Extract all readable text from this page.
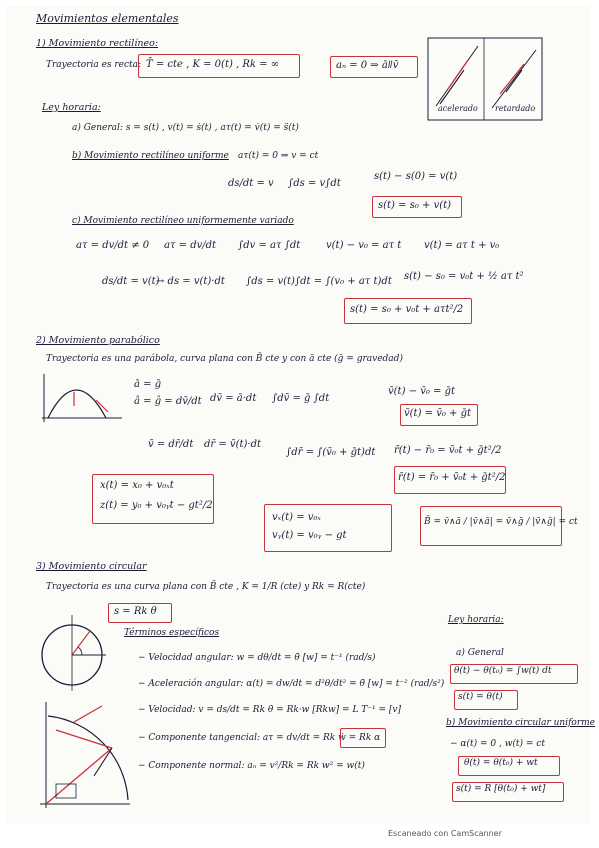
Movimientos elementales
1) Movimiento rectilíneo:
Trayectoria es recta: T̄ = cte , K = 0(t) , Rk = ∞	aₙ = 0 ⇒ āǁv̄
acelerado retardado
Ley horaria:
a) General: s = s(t) , v(t) = ṡ(t) , aτ(t) = v̇(t) = s̈(t)
b) Movimiento rectilíneo uniforme aτ(t) = 0 ⇒ v = ct
ds/dt = v ∫ds = v∫dt
s(t) − s(0) = v(t)
s(t) = s₀ + v(t)
c) Movimiento rectilíneo uniformemente variado
aτ = dv/dt ≠ 0 aτ = dv/dt ∫dv = aτ ∫dt	v(t) − v₀ = aτ t v(t) = aτ t + v₀
ds/dt = v(t)
→ ds = v(t)·dt ∫ds = v(t)∫dt = ∫(v₀ + aτ t)dt s(t) − s₀ = v₀t + ½ aτ t²
s(t) = s₀ + v₀t + aτt²/2
2) Movimiento parabólico
Trayectoria es una parábola, curva plana con B̄ cte y con ā cte (ḡ = gravedad)
ā = ḡ
â = ĝ = dv̄/dt dv̄ = ā·dt ∫dv̄ = ḡ ∫dt
v̄(t) − v̄₀ = ḡt
v̄(t) = v̄₀ + ḡt
v̄ = dr̄/dt dr̄ = v̄(t)·dt
∫dr̄ = ∫(v̄₀ + ḡt)dt r̄(t) − r̄₀ = v̄₀t + ḡt²/2
r̄(t) = r̄₀ + v̄₀t + ḡt²/2
x(t) = x₀ + v₀ₓt
z(t) = y₀ + v₀ᵧt − gt²/2
vₓ(t) = v₀ₓ
vᵧ(t) = v₀ᵧ − gt
B̄ = v̄∧ā / |v̄∧ā| = v̄∧ḡ / |v̄∧ḡ| = ct
3) Movimiento circular
Trayectoria es una curva plana con B̄ cte , K = 1/R (cte) y Rk = R(cte)
s = Rk θ
Términos específicos
− Velocidad angular: w = dθ/dt = θ̇ [w] = t⁻¹ (rad/s)
− Aceleración angular: α(t) = dw/dt = d²θ/dt² = θ̈ [w] = t⁻² (rad/s²)
− Velocidad: v = ds/dt = Rk θ̇ = Rk·w [Rkw] = L T⁻¹ = [v]
− Componente tangencial: aτ = dv/dt = Rk ẇ = Rk α
− Componente normal: aₙ = v²/Rk = Rk w² = w(t)
Ley horaria:
a) General
θ(t) − θ(t₀) = ∫w(t) dt
s(t) = θ(t)
b) Movimiento circular uniforme
− α(t) = 0 , w(t) = ct
θ(t) = θ(t₀) + wt
s(t) = R [θ(t₀) + wt]
Escaneado con CamScanner
